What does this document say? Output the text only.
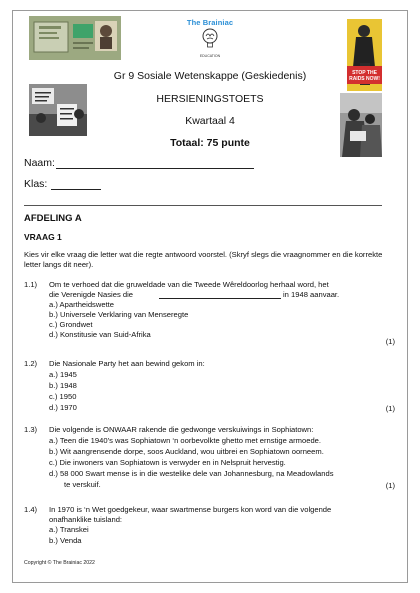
The Brainiac
EDUCATION
STOP THE
RAIDS NOW!
Gr 9 Sosiale Wetenskappe (Geskiedenis)
HERSIENINGSTOETS
Kwartaal 4
Totaal: 75 punte
Naam:
Klas:
AFDELING A
VRAAG 1
Kies vir elke vraag die letter wat die regte antwoord voorstel. (Skryf slegs die vraagnommer en die korrekte letter langs dit neer).
1.1) Om te verhoed dat die gruweldade van die Tweede Wêreldoorlog herhaal word, het
die Verenigde Nasies die	in 1948 aanvaar.
a.) Apartheidswette
b.) Universele Verklaring van Menseregte
c.) Grondwet
d.) Konstitusie van Suid-Afrika
(1)
1.2) Die Nasionale Party het aan bewind gekom in:
a.) 1945
b.) 1948
c.) 1950
d.) 1970	(1)
1.3) Die volgende is ONWAAR rakende die gedwonge verskuiwings in Sophiatown:
a.) Teen die 1940’s was Sophiatown ‘n oorbevolkte ghetto met ernstige armoede.
b.) Wit aangrensende dorpe, soos Auckland, wou uitbrei en Sophiatown oorneem.
c.) Die inwoners van Sophiatown is verwyder en in Nelspruit hervestig.
d.) 58 000 Swart mense is in die westelike dele van Johannesburg, na Meadowlands
te verskuif.	(1)
1.4) In 1970 is ‘n Wet goedgekeur, waar swartmense burgers kon word van die volgende
onafhanklike tuisland:
a.) Transkei
b.) Venda
Copyright © The Brainiac 2022
